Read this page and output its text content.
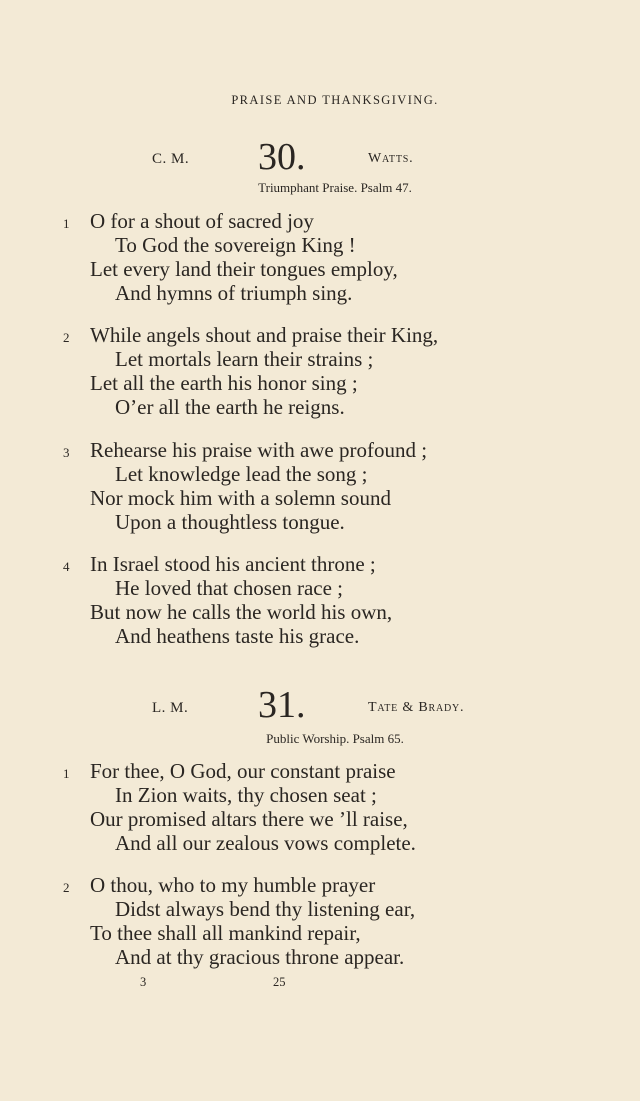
PRAISE AND THANKSGIVING.
C. M. 30.	Watts.
Triumphant Praise. Psalm 47.
1 O for a shout of sacred joy
To God the sovereign King !
Let every land their tongues employ,
And hymns of triumph sing.
2 While angels shout and praise their King,
Let mortals learn their strains ;
Let all the earth his honor sing ;
O’er all the earth he reigns.
3 Rehearse his praise with awe profound ;
Let knowledge lead the song ;
Nor mock him with a solemn sound
Upon a thoughtless tongue.
4 In Israel stood his ancient throne ;
He loved that chosen race ;
But now he calls the world his own,
And heathens taste his grace.
L. M. 31.	Tate & Brady.
Public Worship. Psalm 65.
1 For thee, O God, our constant praise
In Zion waits, thy chosen seat ;
Our promised altars there we ’ll raise,
And all our zealous vows complete.
2 O thou, who to my humble prayer
Didst always bend thy listening ear,
To thee shall all mankind repair,
And at thy gracious throne appear.
3	25
